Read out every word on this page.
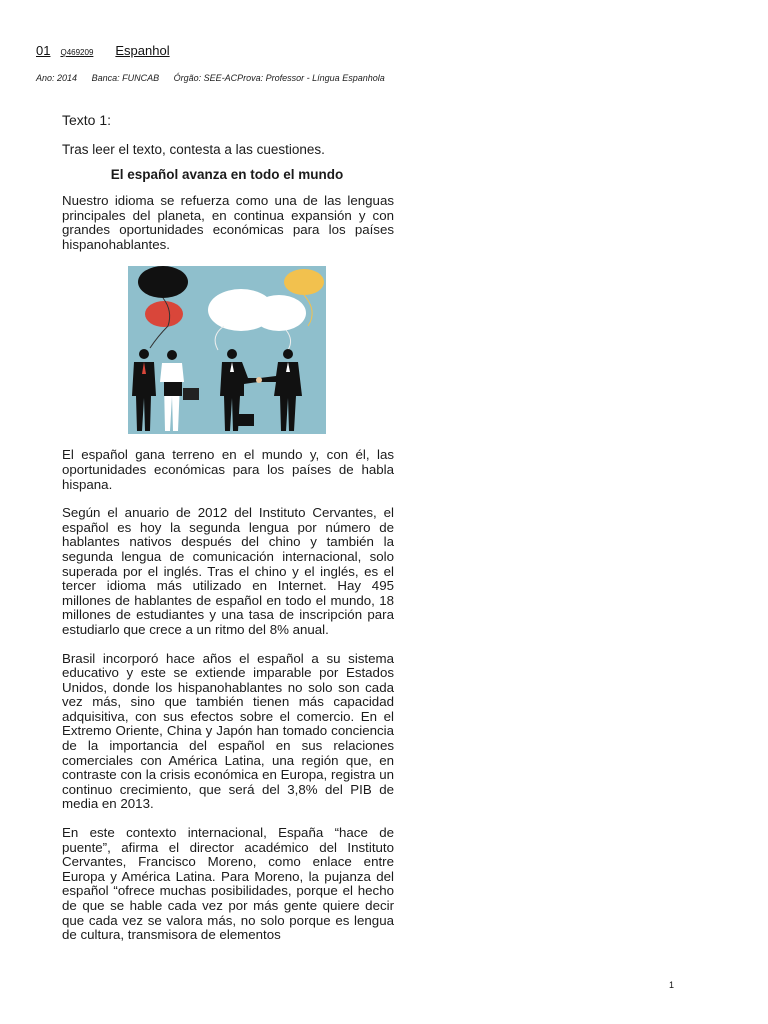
01 Q469209 Espanhol
Ano: 2014 Banca: FUNCAB Órgão: SEE-ACProva: Professor - Língua Espanhola
Texto 1:
Tras leer el texto, contesta a las cuestiones.
El español avanza en todo el mundo

Nuestro idioma se refuerza como una de las lenguas principales del planeta, en continua expansión y con grandes oportunidades económicas para los países hispanohablantes.

El español gana terreno en el mundo y, con él, las oportunidades económicas para los países de habla hispana.

Según el anuario de 2012 del Instituto Cervantes, el español es hoy la segunda lengua por número de hablantes nativos después del chino y también la segunda lengua de comunicación internacional, solo superada por el inglés. Tras el chino y el inglés, es el tercer idioma más utilizado en Internet. Hay 495 millones de hablantes de español en todo el mundo, 18 millones de estudiantes y una tasa de inscripción para estudiarlo que crece a un ritmo del 8% anual.

Brasil incorporó hace años el español a su sistema educativo y este se extiende imparable por Estados Unidos, donde los hispanohablantes no solo son cada vez más, sino que también tienen más capacidad adquisitiva, con sus efectos sobre el comercio. En el Extremo Oriente, China y Japón han tomado conciencia de la importancia del español en sus relaciones comerciales con América Latina, una región que, en contraste con la crisis económica en Europa, registra un continuo crecimiento, que será del 3,8% del PIB de media en 2013.

En este contexto internacional, España “hace de puente”, afirma el director académico del Instituto Cervantes, Francisco Moreno, como enlace entre Europa y América Latina. Para Moreno, la pujanza del español “ofrece muchas posibilidades, porque el hecho de que se hable cada vez por más gente quiere decir que cada vez se valora más, no solo porque es lengua de cultura, transmisora de elementos

1
